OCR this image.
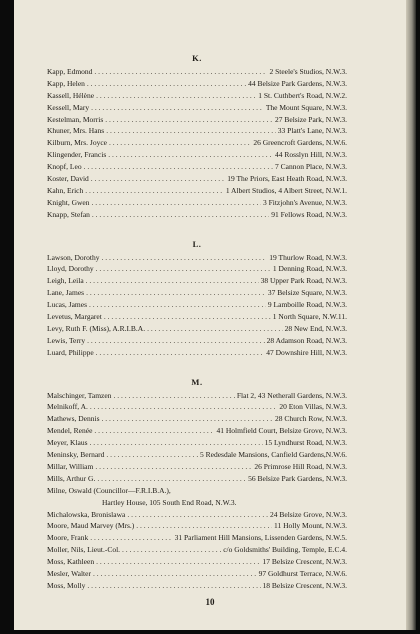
K.
Kapp, Edmond . . .	2 Steele's Studios, N.W.3.
Kapp, Helen . . .	44 Belsize Park Gardens, N.W.3.
Kassell, Hélène . . .	1 St. Cuthbert's Road, N.W.2.
Kessell, Mary . . .	The Mount Square, N.W.3.
Kestelman, Morris . . .	27 Belsize Park, N.W.3.
Khuner, Mrs. Hans . . .	33 Platt's Lane, N.W.3.
Kilburn, Mrs. Joyce . . .	26 Greencroft Gardens, N.W.6.
Klingender, Francis . . .	44 Rosslyn Hill, N.W.3.
Knopf, Leo . . .	7 Cannon Place, N.W.3.
Koster, David . . .	19 The Priors, East Heath Road, N.W.3.
Kahn, Erich . . .	1 Albert Studios, 4 Albert Street, N.W.1.
Knight, Gwen . . .	3 Fitzjohn's Avenue, N.W.3.
Knapp, Stefan . . .	91 Fellows Road, N.W.3.
L.
Lawson, Dorothy . . .	19 Thurlow Road, N.W.3.
Lloyd, Dorothy . . .	1 Denning Road, N.W.3.
Leigh, Leila . . .	38 Upper Park Road, N.W.3.
Lane, James . . .	37 Belsize Square, N.W.3.
Lucas, James . . .	9 Lamboille Road, N.W.3.
Levetus, Margaret . . .	1 North Square, N.W.11.
Levy, Ruth F. (Miss), A.R.I.B.A. . . .	28 New End, N.W.3.
Lewis, Terry . . .	28 Adamson Road, N.W.3.
Luard, Philippe . . .	47 Downshire Hill, N.W.3.
M.
Malschinger, Tamzen . . .	Flat 2, 43 Netherall Gardens, N.W.3.
Melnikoff, A. . . .	20 Eton Villas, N.W.3.
Mathews, Dennis . . .	28 Church Row, N.W.3.
Mendel, Renée . . .	41 Holmfield Court, Belsize Grove, N.W.3.
Meyer, Klaus . . .	15 Lyndhurst Road, N.W.3.
Meninsky, Bernard . . .	5 Redesdale Mansions, Canfield Gardens,N.W.6.
Millar, William . . .	26 Primrose Hill Road, N.W.3.
Mills, Arthur G. . . .	56 Belsize Park Gardens, N.W.3.
Milne, Oswald (Councillor—F.R.I.B.A.),
Hartley House, 105 South End Road, N.W.3.
Michalowska, Bronislawa . . .	24 Belsize Grove, N.W.3.
Moore, Maud Marvey (Mrs.) . . .	11 Holly Mount, N.W.3.
Moore, Frank . . .	31 Parliament Hill Mansions, Lissenden Gardens, N.W.5.
Moller, Nils, Lieut.-Col. . . .	c/o Goldsmiths' Building, Temple, E.C.4.
Moss, Kathleen . . .	17 Belsize Crescent, N.W.3.
Mesler, Walter . . .	97 Goldhurst Terrace, N.W.6.
Moss, Molly . . .	18 Belsize Crescent, N.W.3.
10
